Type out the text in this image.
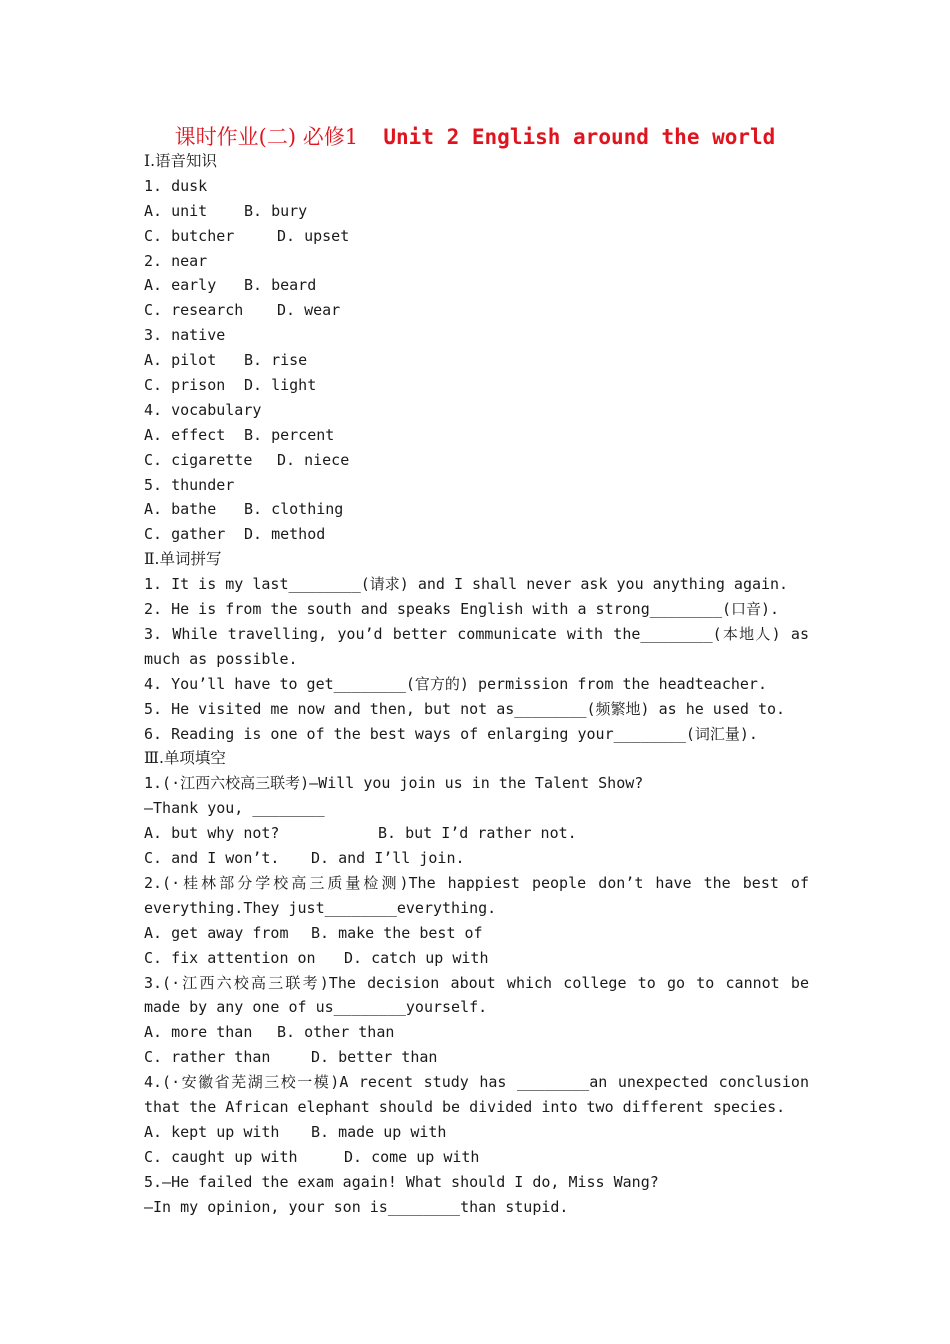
课时作业(二) 必修1 Unit 2 English around the world
Ⅰ.语音知识
1. dusk
A. unit B. bury
C. butcher	D. upset
2. near
A. early B. beard
C. research D. wear
3. native
A. pilot B. rise
C. prison D. light
4. vocabulary
A. effect B. percent
C. cigarette D. niece
5. thunder
A. bathe B. clothing
C. gather D. method
Ⅱ.单词拼写
1. It is my last________(请求) and I shall never ask you anything again.
2. He is from the south and speaks English with a strong________(口音).
3. While travelling, you’d better communicate with the________(本地人) as much as possible.
4. You’ll have to get________(官方的) permission from the headteacher.
5. He visited me now and then, but not as________(频繁地) as he used to.
6. Reading is one of the best ways of enlarging your________(词汇量).
Ⅲ.单项填空
1.(·江西六校高三联考)—Will you join us in the Talent Show?
—Thank you, ________
A. but why not?	B. but I’d rather not.
C. and I won’t. D. and I’ll join.
2.(·桂林部分学校高三质量检测)The happiest people don’t have the best of everything.They just________everything.
A. get away from B. make the best of
C. fix attention on D. catch up with
3.(·江西六校高三联考)The decision about which college to go to cannot be made by any one of us________yourself.
A. more than B. other than
C. rather than	D. better than
4.(·安徽省芜湖三校一模)A recent study has ________an unexpected conclusion that the African elephant should be divided into two different species.
A. kept up with B. made up with
C. caught up with	D. come up with
5.—He failed the exam again! What should I do, Miss Wang?
—In my opinion, your son is________than stupid.
